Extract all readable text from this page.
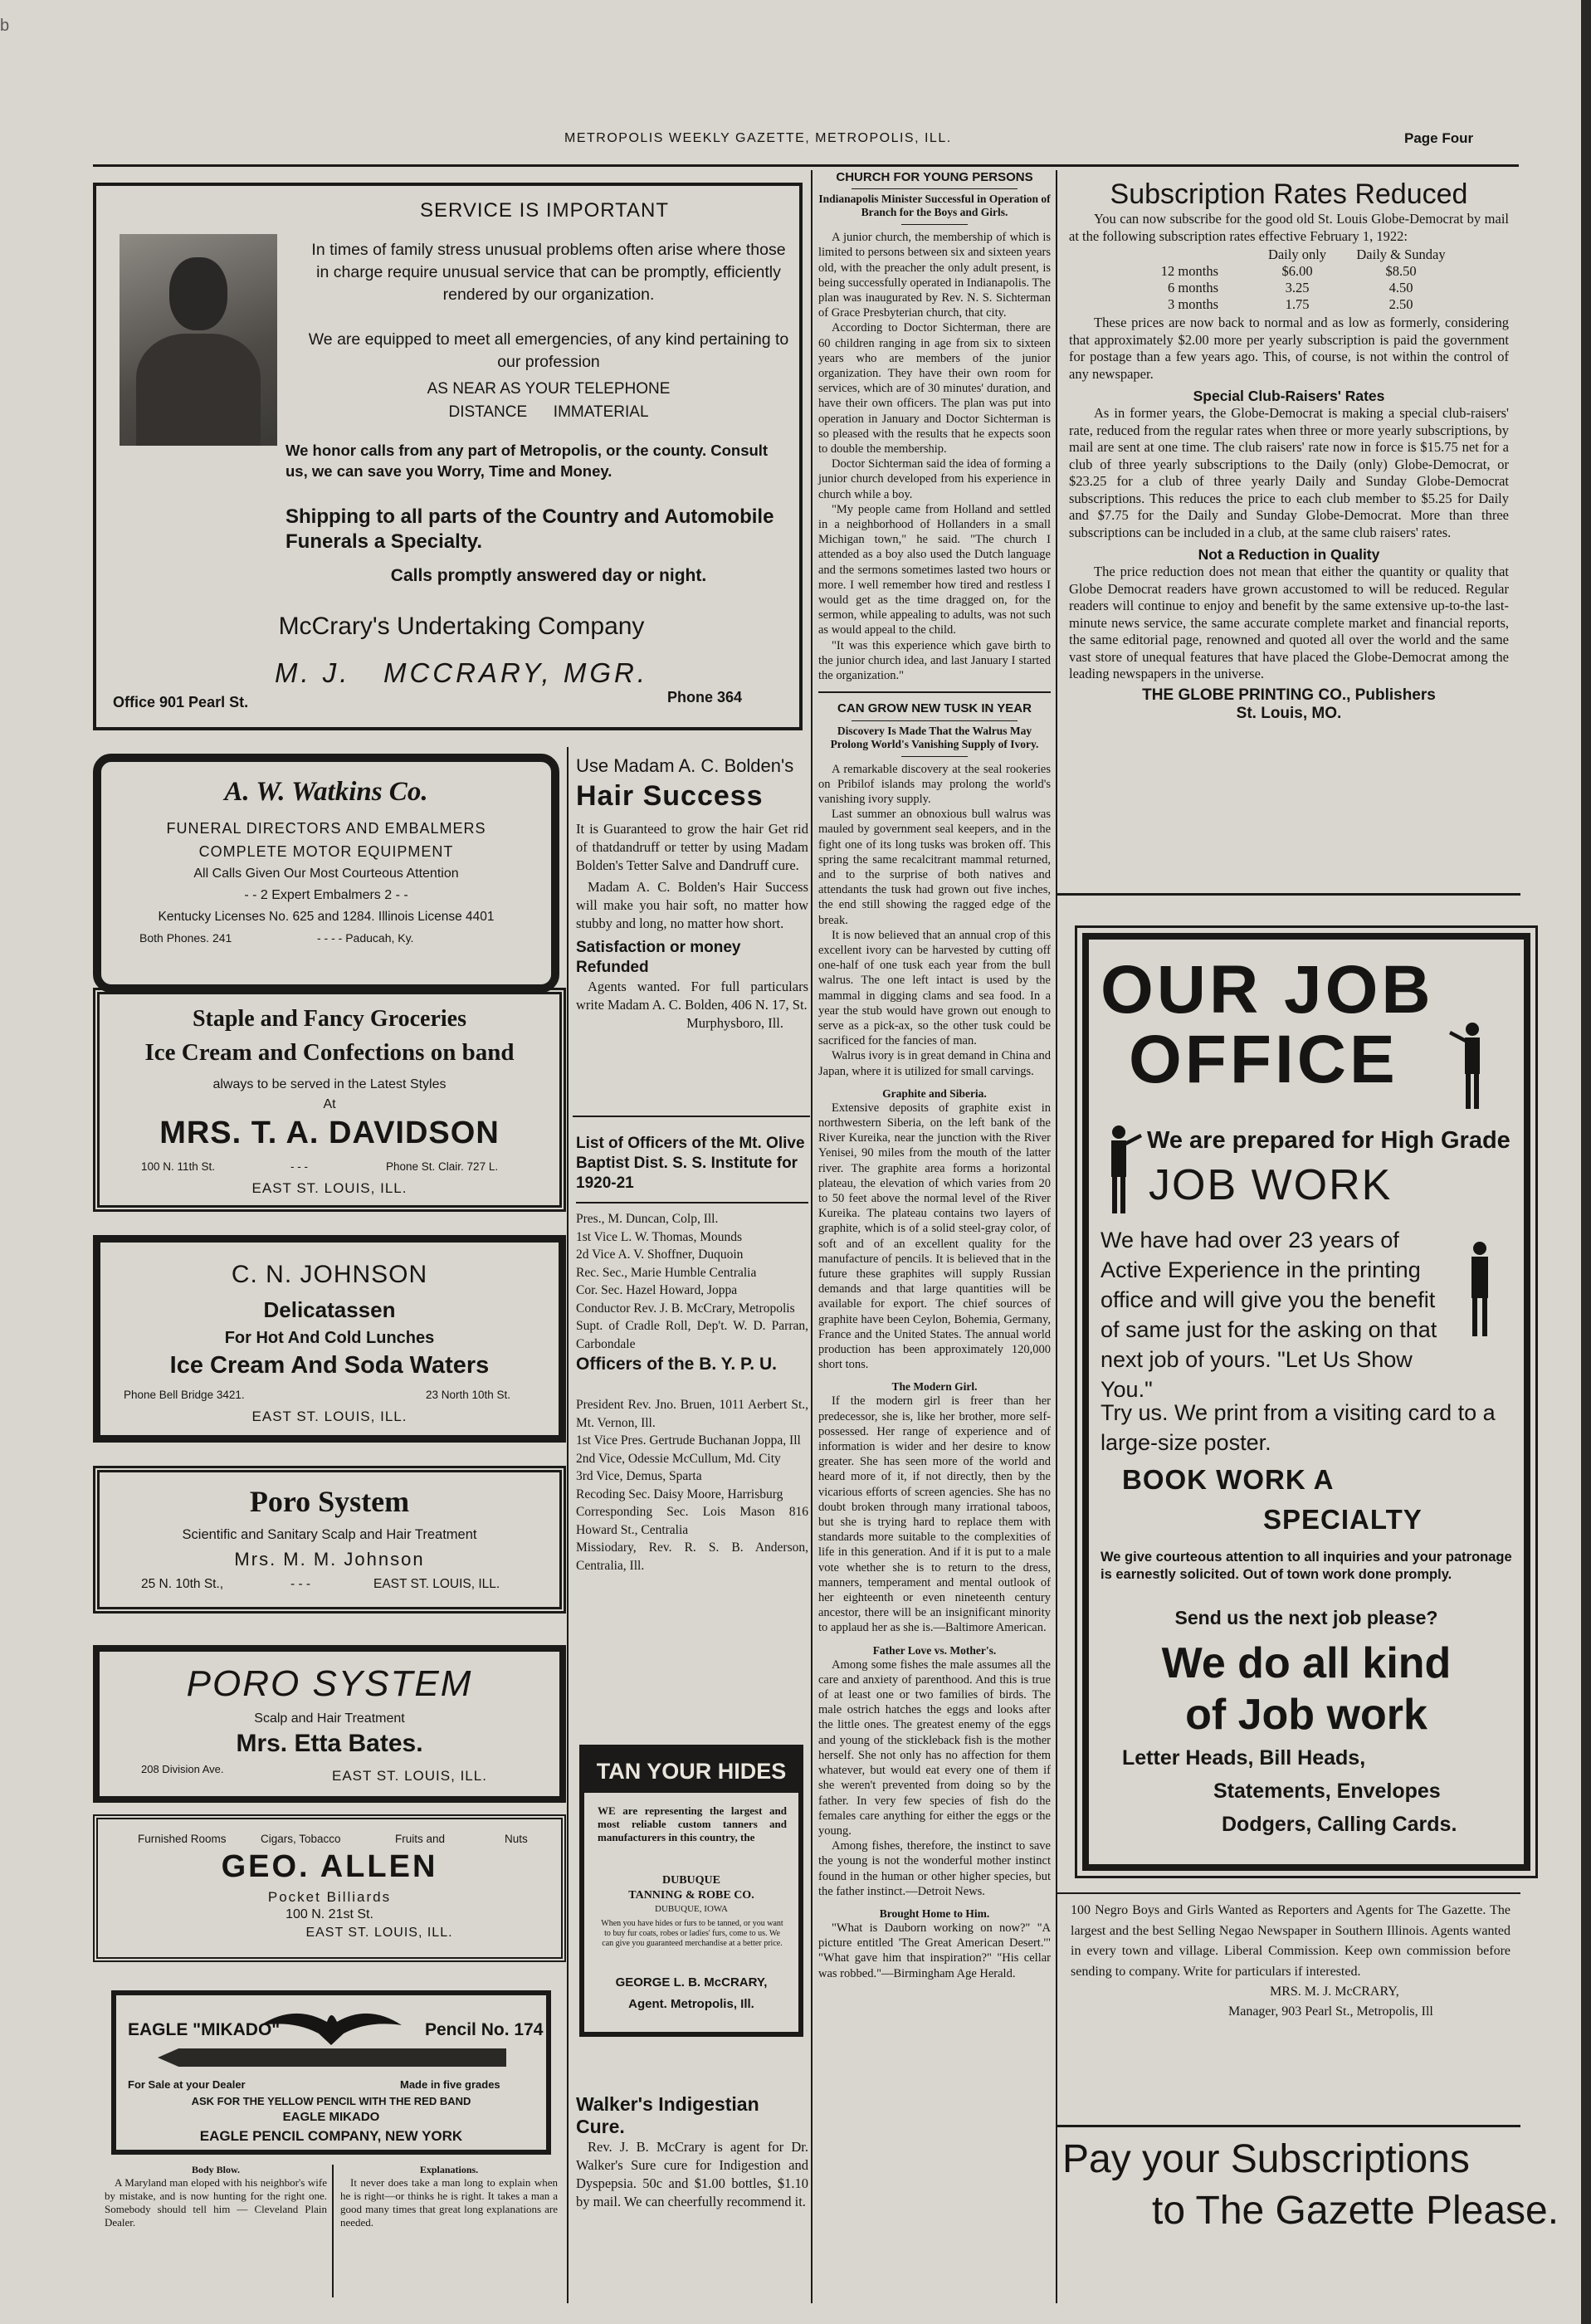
b
METROPOLIS WEEKLY GAZETTE, METROPOLIS, ILL.	Page Four
SERVICE IS IMPORTANT
In times of family stress unusual problems often arise where those in charge require unusual service that can be promptly, efficiently rendered by our organization.
We are equipped to meet all emergencies, of any kind pertaining to our profession
AS NEAR AS YOUR TELEPHONE
DISTANCE      IMMATERIAL
We honor calls from any part of Metropolis, or the county. Consult us, we can save you Worry, Time and Money.
Shipping to all parts of the Country and Automobile Funerals a Specialty.
Calls promptly answered day or night.
McCrary's Undertaking Company
M. J.   MCCRARY, MGR.
Office 901 Pearl St.	Phone 364
A. W. Watkins Co.
FUNERAL DIRECTORS AND EMBALMERS
COMPLETE MOTOR EQUIPMENT
All Calls Given Our Most Courteous Attention
- - 2 Expert Embalmers 2 - -
Kentucky Licenses No. 625 and 1284. Illinois License 4401
Both Phones. 241	- - - - Paducah, Ky.
Staple and Fancy Groceries
Ice Cream and Confections on band
always to be served in the Latest Styles
At
MRS. T. A. DAVIDSON
100 N. 11th St.	- - -	Phone St. Clair. 727 L.
EAST ST. LOUIS, ILL.
C. N. JOHNSON
Delicatassen
For Hot And Cold Lunches
Ice Cream And Soda Waters
Phone Bell Bridge 3421.	23 North 10th St.
EAST ST. LOUIS, ILL.
Poro System
Scientific and Sanitary Scalp and Hair Treatment
Mrs. M. M. Johnson
25 N. 10th St.,	- - -	EAST ST. LOUIS, ILL.
PORO SYSTEM
Scalp and Hair Treatment
Mrs. Etta Bates.
208 Division Ave.	EAST ST. LOUIS, ILL.
Furnished Rooms	Cigars, Tobacco	Fruits and	Nuts
GEO. ALLEN
Pocket Billiards
100 N. 21st St.
EAST ST. LOUIS, ILL.
EAGLE "MIKADO"	Pencil No. 174
For Sale at your Dealer	Made in five grades
ASK FOR THE YELLOW PENCIL WITH THE RED BAND
EAGLE MIKADO
EAGLE PENCIL COMPANY, NEW YORK
Body Blow.
A Maryland man eloped with his neighbor's wife by mistake, and is now hunting for the right one. Somebody should tell him — Cleveland Plain Dealer.
Explanations.
It never does take a man long to explain when he is right—or thinks he is right. It takes a man a good many times that great long explanations are needed.
Use Madam A. C. Bolden's
Hair Success
It is Guaranteed to grow the hair Get rid of thatdandruff or tetter by using Madam Bolden's Tetter Salve and Dandruff cure.
Madam A. C. Bolden's Hair Success will make you hair soft, no matter how stubby and long, no matter how short.
Satisfaction or money Refunded
Agents wanted. For full particulars write Madam A. C. Bolden, 406 N. 17, St.
Murphysboro, Ill.
List of Officers of the Mt. Olive Baptist Dist. S. S. Institute for 1920-21
Pres., M. Duncan, Colp, Ill.
1st Vice L. W. Thomas, Mounds
2d Vice A. V. Shoffner, Duquoin
Rec. Sec., Marie Humble Centralia
Cor. Sec. Hazel Howard, Joppa
Conductor Rev. J. B. McCrary, Metropolis
Supt. of Cradle Roll, Dep't. W. D. Parran, Carbondale
Officers of the B. Y. P. U.
President Rev. Jno. Bruen, 1011 Aerbert St., Mt. Vernon, Ill.
1st Vice Pres. Gertrude Buchanan Joppa, Ill
2nd Vice, Odessie McCullum, Md. City
3rd Vice, Demus, Sparta
Recoding Sec. Daisy Moore, Harrisburg
Corresponding Sec. Lois Mason 816 Howard St., Centralia
Missiodary, Rev. R. S. B. Anderson, Centralia, Ill.
TAN YOUR HIDES
WE are representing the largest and most reliable custom tanners and manufacturers in this country, the
DUBUQUE
TANNING & ROBE CO.
DUBUQUE, IOWA
When you have hides or furs to be tanned, or you want to buy fur coats, robes or ladies' furs, come to us. We can give you guaranteed merchandise at a better price.
GEORGE L. B. McCRARY,
Agent. Metropolis, Ill.
Walker's Indigestian Cure.
Rev. J. B. McCrary is agent for Dr. Walker's Sure cure for Indigestion and Dyspepsia. 50c and $1.00 bottles, $1.10 by mail. We can cheerfully recommend it.
CHURCH FOR YOUNG PERSONS
Indianapolis Minister Successful in Operation of Branch for the Boys and Girls.

A junior church, the membership of which is limited to persons between six and sixteen years old, with the preacher the only adult present, is being successfully operated in Indianapolis. The plan was inaugurated by Rev. N. S. Sichterman of Grace Presbyterian church, that city.

According to Doctor Sichterman, there are 60 children ranging in age from six to sixteen years who are members of the junior organization. They have their own room for services, which are of 30 minutes' duration, and have their own officers. The plan was put into operation in January and Doctor Sichterman is so pleased with the results that he expects soon to double the membership.

Doctor Sichterman said the idea of forming a junior church developed from his experience in church while a boy.

"My people came from Holland and settled in a neighborhood of Hollanders in a small Michigan town," he said. "The church I attended as a boy also used the Dutch language and the sermons sometimes lasted two hours or more. I well remember how tired and restless I would get as the time dragged on, for the sermon, while appealing to adults, was not such as would appeal to the child.

"It was this experience which gave birth to the junior church idea, and last January I started the organization."

CAN GROW NEW TUSK IN YEAR
Discovery Is Made That the Walrus May Prolong World's Vanishing Supply of Ivory.

A remarkable discovery at the seal rookeries on Pribilof islands may prolong the world's vanishing ivory supply.

Last summer an obnoxious bull walrus was mauled by government seal keepers, and in the fight one of its long tusks was broken off. This spring the same recalcitrant mammal returned, and to the surprise of both natives and attendants the tusk had grown out five inches, the end still showing the ragged edge of the break.

It is now believed that an annual crop of this excellent ivory can be harvested by cutting off one-half of one tusk each year from the bull walrus. The one left intact is used by the mammal in digging clams and sea food. In a year the stub would have grown out enough to serve as a pick-ax, so the other tusk could be sacrificed for the fancies of man.

Walrus ivory is in great demand in China and Japan, where it is utilized for small carvings.

Graphite and Siberia.

Extensive deposits of graphite exist in northwestern Siberia, on the left bank of the River Kureika, near the junction with the River Yenisei, 90 miles from the mouth of the latter river. The graphite area forms a horizontal plateau, the elevation of which varies from 20 to 50 feet above the normal level of the River Kureika. The plateau contains two layers of graphite, which is of a solid steel-gray color, of soft and of an excellent quality for the manufacture of pencils. It is believed that in the future these graphites will supply Russian demands and that large quantities will be available for export. The chief sources of graphite have been Ceylon, Bohemia, Germany, France and the United States. The annual world production has been approximately 120,000 short tons.

The Modern Girl.

If the modern girl is freer than her predecessor, she is, like her brother, more self-possessed. Her range of experience and of information is wider and her desire to know greater. She has seen more of the world and heard more of it, if not directly, then by the vicarious efforts of screen agencies. She has no doubt broken through many irrational taboos, but she is trying hard to replace them with standards more suitable to the complexities of life in this generation. And if it is put to a male vote whether she is to return to the dress, manners, temperament and mental outlook of her eighteenth or even nineteenth century ancestor, there will be an insignificant minority to applaud her as she is.—Baltimore American.

Father Love vs. Mother's.

Among some fishes the male assumes all the care and anxiety of parenthood. And this is true of at least one or two families of birds. The male ostrich hatches the eggs and looks after the little ones. The greatest enemy of the eggs and young of the stickleback fish is the mother herself. She not only has no affection for them whatever, but would eat every one of them if she weren't prevented from doing so by the father. In very few species of fish do the females care anything for either the eggs or the young.

Among fishes, therefore, the instinct to save the young is not the wonderful mother instinct found in the human or other higher species, but the father instinct.—Detroit News.

Brought Home to Him.

"What is Dauborn working on now?" "A picture entitled 'The Great American Desert.'" "What gave him that inspiration?" "His cellar was robbed."—Birmingham Age Herald.

Subscription Rates Reduced
You can now subscribe for the good old St. Louis Globe-Democrat by mail at the following subscription rates effective February 1, 1922:
	Daily only	Daily & Sunday
12 months	$6.00	$8.50
6 months	3.25	4.50
3 months	1.75	2.50
These prices are now back to normal and as low as formerly, considering that approximately $2.00 more per yearly subscription is paid the government for postage than a few years ago. This, of course, is not within the control of any newspaper.
Special Club-Raisers' Rates
As in former years, the Globe-Democrat is making a special club-raisers' rate, reduced from the regular rates when three or more yearly subscriptions, by mail are sent at one time. The club raisers' rate now in force is $15.75 net for a club of three yearly subscriptions to the Daily (only) Globe-Democrat, or $23.25 for a club of three yearly Daily and Sunday Globe-Democrat subscriptions. This reduces the price to each club member to $5.25 for Daily and $7.75 for the Daily and Sunday Globe-Democrat. More than three subscriptions can be included in a club, at the same club raisers' rates.
Not a Reduction in Quality
The price reduction does not mean that either the quantity or quality that Globe Democrat readers have grown accustomed to will be reduced. Regular readers will continue to enjoy and benefit by the same extensive up-to-the last-minute news service, the same accurate complete market and financial reports, the same editorial page, renowned and quoted all over the world and the same vast store of unequal features that have placed the Globe-Democrat among the leading newspapers in the universe.
THE GLOBE PRINTING CO., Publishers
St. Louis, MO.
OUR JOB
OFFICE
We are prepared for High Grade
JOB WORK
We have had over 23 years of Active Experience in the printing office and will give you the benefit of same just for the asking on that next job of yours. "Let Us Show You."
Try us. We print from a visiting card to a large-size poster.
BOOK WORK A
SPECIALTY
We give courteous attention to all inquiries and your patronage is earnestly solicited. Out of town work done promply.
Send us the next job please?
We do all kind
of Job work
Letter Heads, Bill Heads,
Statements, Envelopes
Dodgers, Calling Cards.
100 Negro Boys and Girls Wanted as Reporters and Agents for The Gazette. The largest and the best Selling Negao Newspaper in Southern Illinois. Agents wanted in every town and village. Liberal Commission. Keep own commission before sending to company. Write for particulars if interested.
MRS. M. J. McCRARY,
Manager, 903 Pearl St., Metropolis, Ill
Pay your Subscriptions
to The Gazette Please.
